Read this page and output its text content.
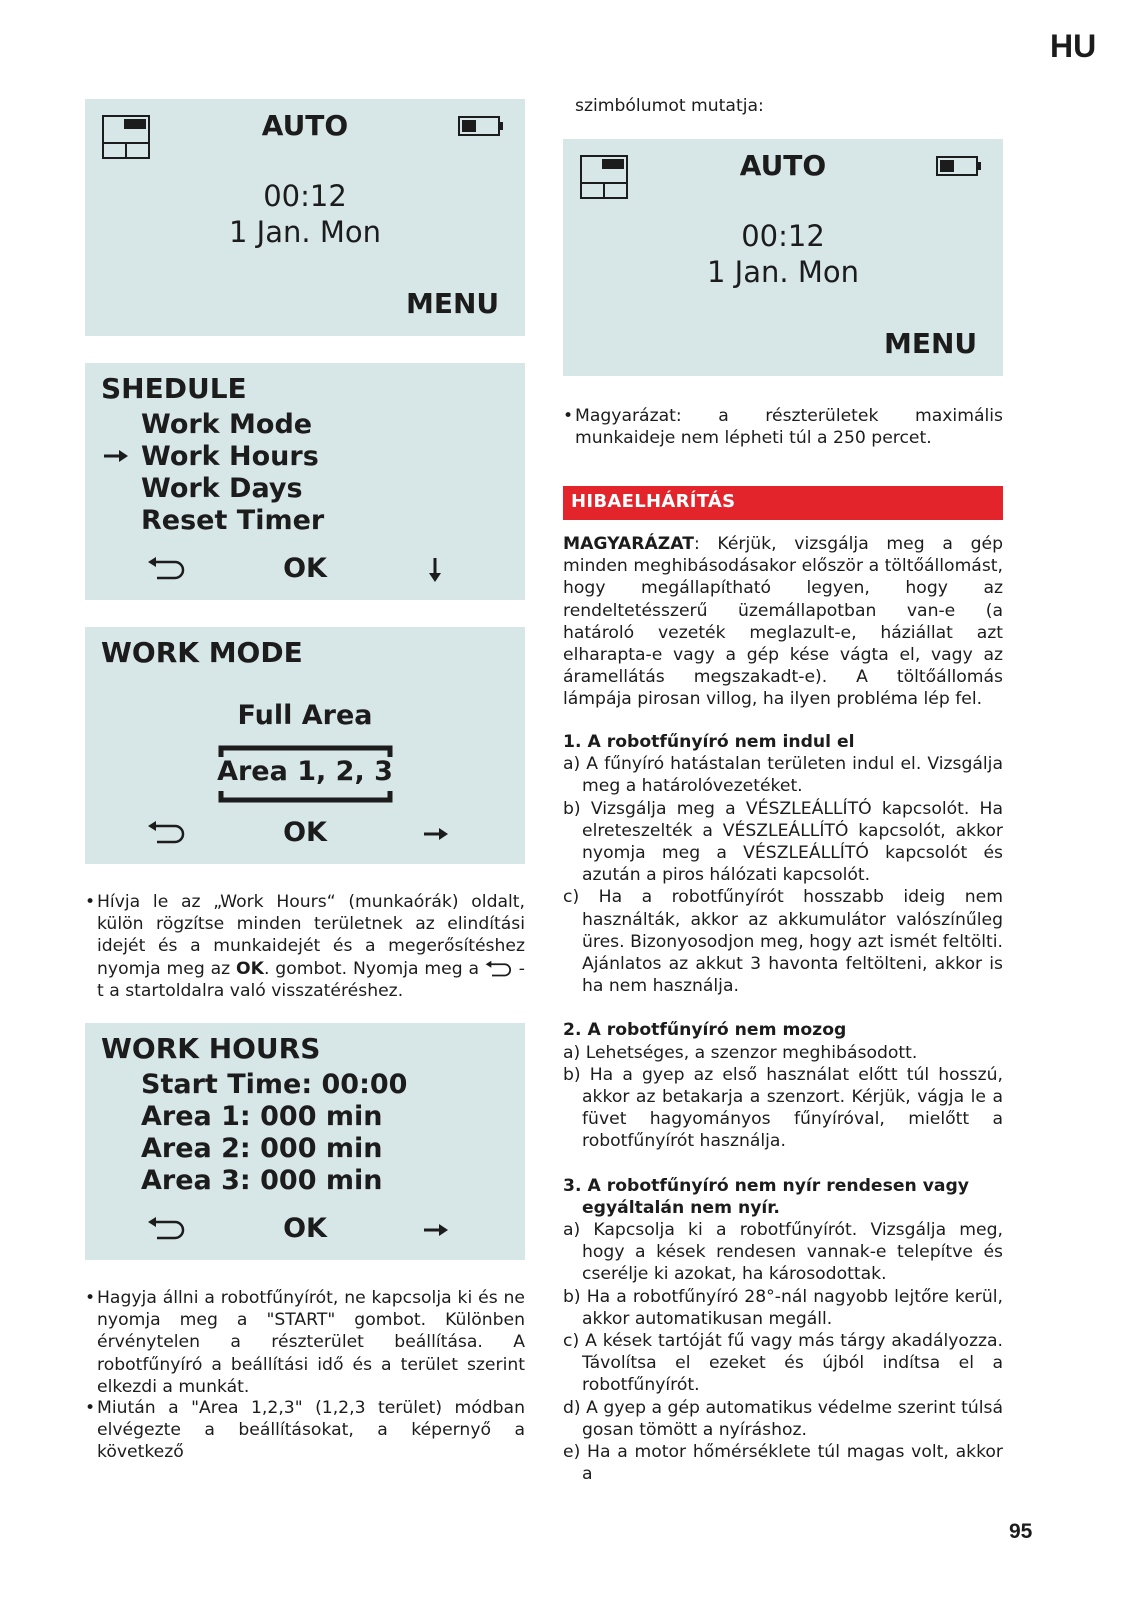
HU
AUTO
00:12
1 Jan. Mon
MENU
SHEDULE
Work Mode
Work Hours
Work Days
Reset Timer
OK
WORK MODE
Full Area
Area 1, 2, 3
OK
• Hívja le az „Work Hours“ (munkaórák) oldalt, külön rögzítse minden területnek az elindítási idejét és a munkaidejét és a megerősítéshez nyomja meg az OK. gombot. Nyomja meg a  -t a startoldalra való visszatéréshez.
WORK HOURS
Start Time: 00:00
Area 1: 000 min
Area 2: 000 min
Area 3: 000 min
OK
• Hagyja állni a robotfűnyírót, ne kapcsolja ki és ne nyomja meg a "START" gombot. Különben érvénytelen a részterület beállítása. A robotfűnyíró a beállítási idő és a terület szerint elkezdi a munkát.
• Miután a "Area 1,2,3" (1,2,3 terület) módban elvégezte a beállításokat, a képernyő a következő
szimbólumot mutatja:
AUTO
00:12
1 Jan. Mon
MENU
• Magyarázat: a részterületek maximális munkaideje nem lépheti túl a 250 percet.
HIBAELHÁRÍTÁS
MAGYARÁZAT: Kérjük, vizsgálja meg a gép minden meghibásodásakor először a töltőállomást, hogy megállapítható legyen, hogy az rendeltetésszerű üzemállapotban van-e (a határoló vezeték meglazult-e, háziállat azt elharapta-e vagy a gép kése vágta el, vagy az áramellátás megszakadt-e). A töltőállomás lámpája pirosan villog, ha ilyen probléma lép fel.

1. A robotfűnyíró nem indul el

a) A fűnyíró hatástalan területen indul el. Vizsgálja meg a határolóvezetéket.

b) Vizsgálja meg a VÉSZLEÁLLÍTÓ kapcsolót. Ha elreteszelték a VÉSZLEÁLLÍTÓ kapcsolót, akkor nyomja meg a VÉSZLEÁLLÍTÓ kapcsolót és azután a piros hálózati kapcsolót.

c) Ha a robotfűnyírót hosszabb ideig nem használták, akkor az akkumulátor valószínűleg üres. Bizonyosodjon meg, hogy azt ismét feltölti. Ajánlatos az akkut 3 havonta feltölteni, akkor is ha nem használja.

2. A robotfűnyíró nem mozog

a) Lehetséges, a szenzor meghibásodott.

b) Ha a gyep az első használat előtt túl hosszú, akkor az betakarja a szenzort. Kérjük, vágja le a füvet hagyományos fűnyíróval, mielőtt a robotfűnyírót használja.

3. A robotfűnyíró nem nyír rendesen vagy egyáltalán nem nyír.

a) Kapcsolja ki a robotfűnyírót. Vizsgálja meg, hogy a kések rendesen vannak-e telepítve és cserélje ki azokat, ha károsodottak.

b) Ha a robotfűnyíró 28°-nál nagyobb lejtőre kerül, akkor automatikusan megáll.

c) A kések tartóját fű vagy más tárgy akadályozza. Távolítsa el ezeket és újból indítsa el a robotfűnyírót.

d) A gyep a gép automatikus védelme szerint túlsá gosan tömött a nyíráshoz.

e) Ha a motor hőmérséklete túl magas volt, akkor a

95
